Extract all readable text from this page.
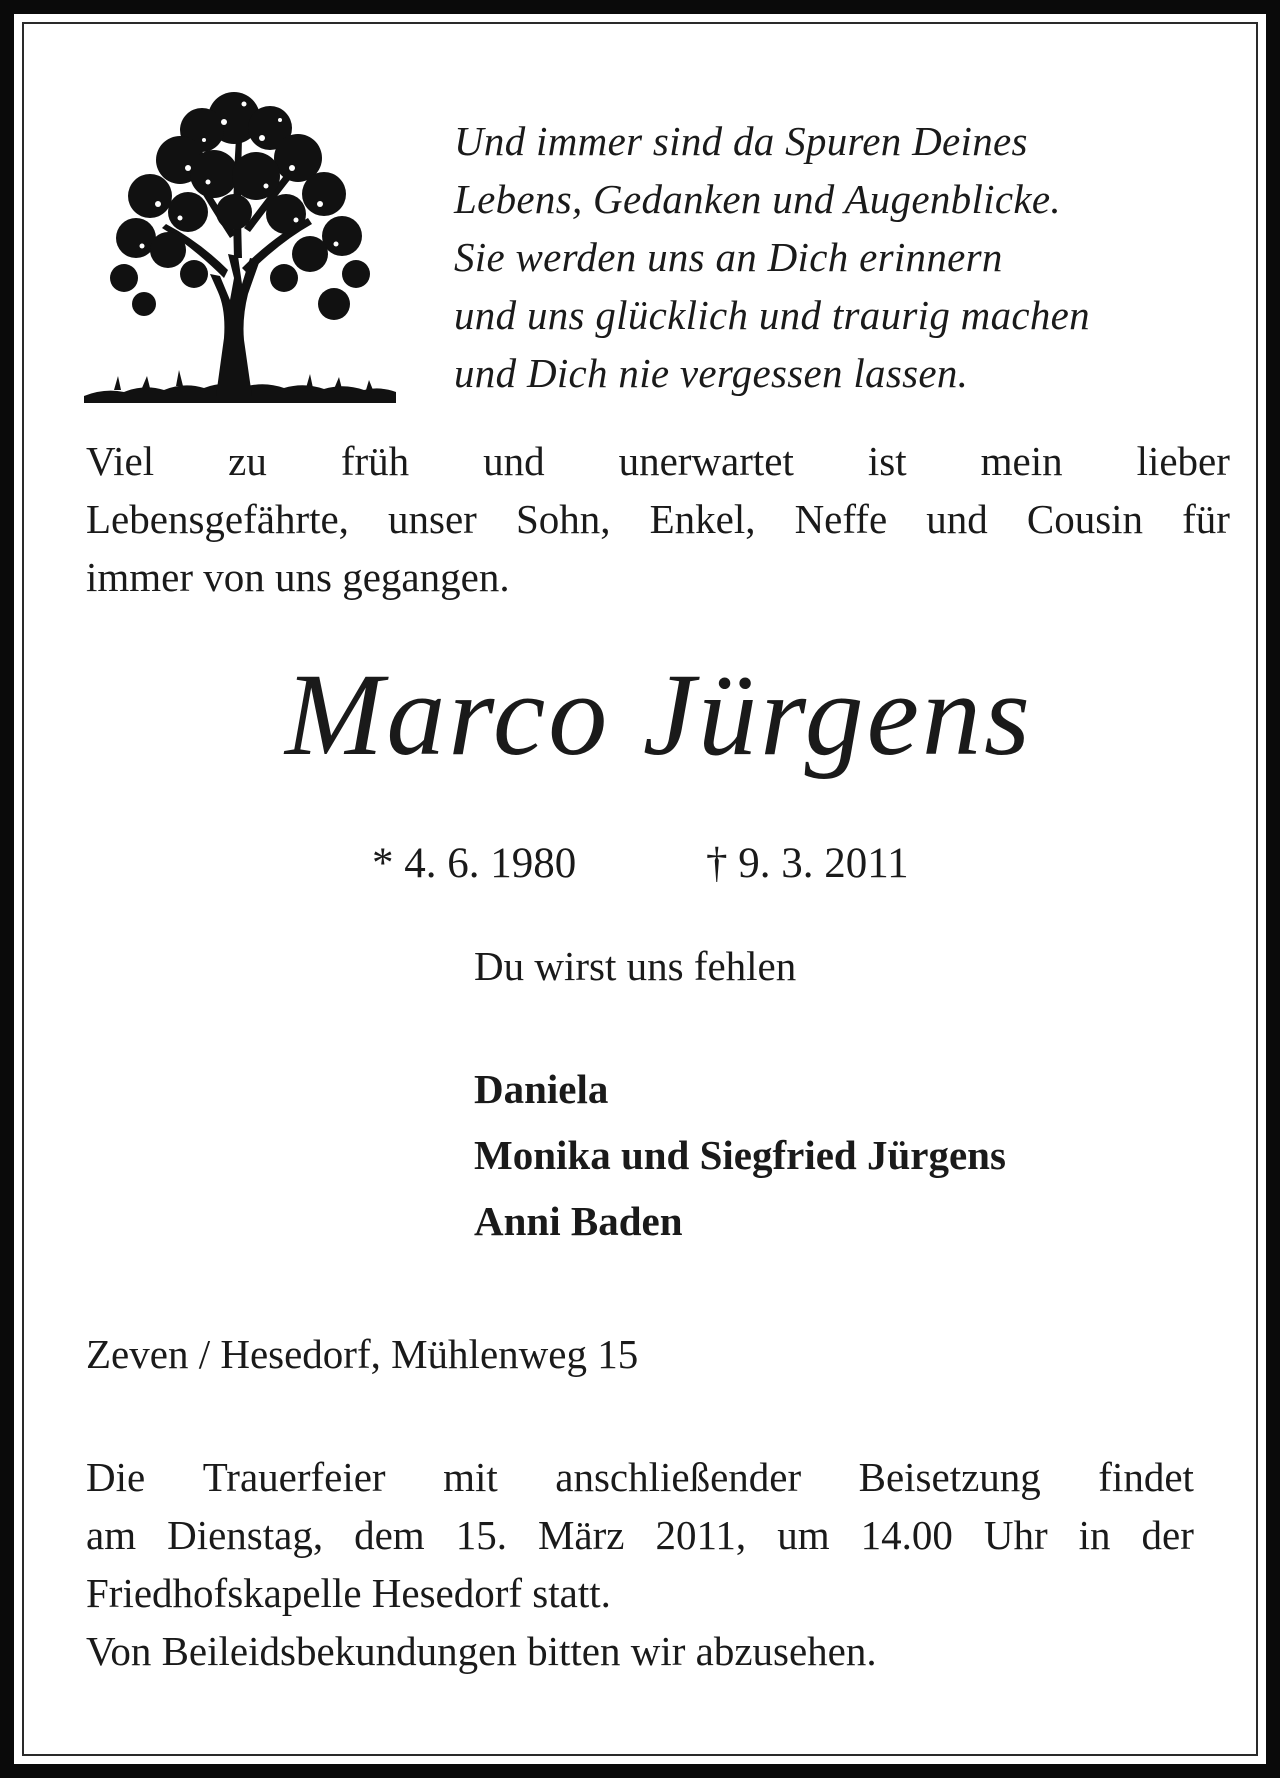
Und immer sind da Spuren Deines
Lebens, Gedanken und Augenblicke.
Sie werden uns an Dich erinnern
und uns glücklich und traurig machen
und Dich nie vergessen lassen.
Viel zu früh und unerwartet ist mein lieber
Lebensgefährte, unser Sohn, Enkel, Neffe und Cousin für
immer von uns gegangen.
Marco Jürgens
* 4. 6. 1980	† 9. 3. 2011
Du wirst uns fehlen
Daniela
Monika und Siegfried Jürgens
Anni Baden
Zeven / Hesedorf, Mühlenweg 15
Die Trauerfeier mit anschließender Beisetzung findet
am Dienstag, dem 15. März 2011, um 14.00 Uhr in der
Friedhofskapelle Hesedorf statt.
Von Beileidsbekundungen bitten wir abzusehen.
